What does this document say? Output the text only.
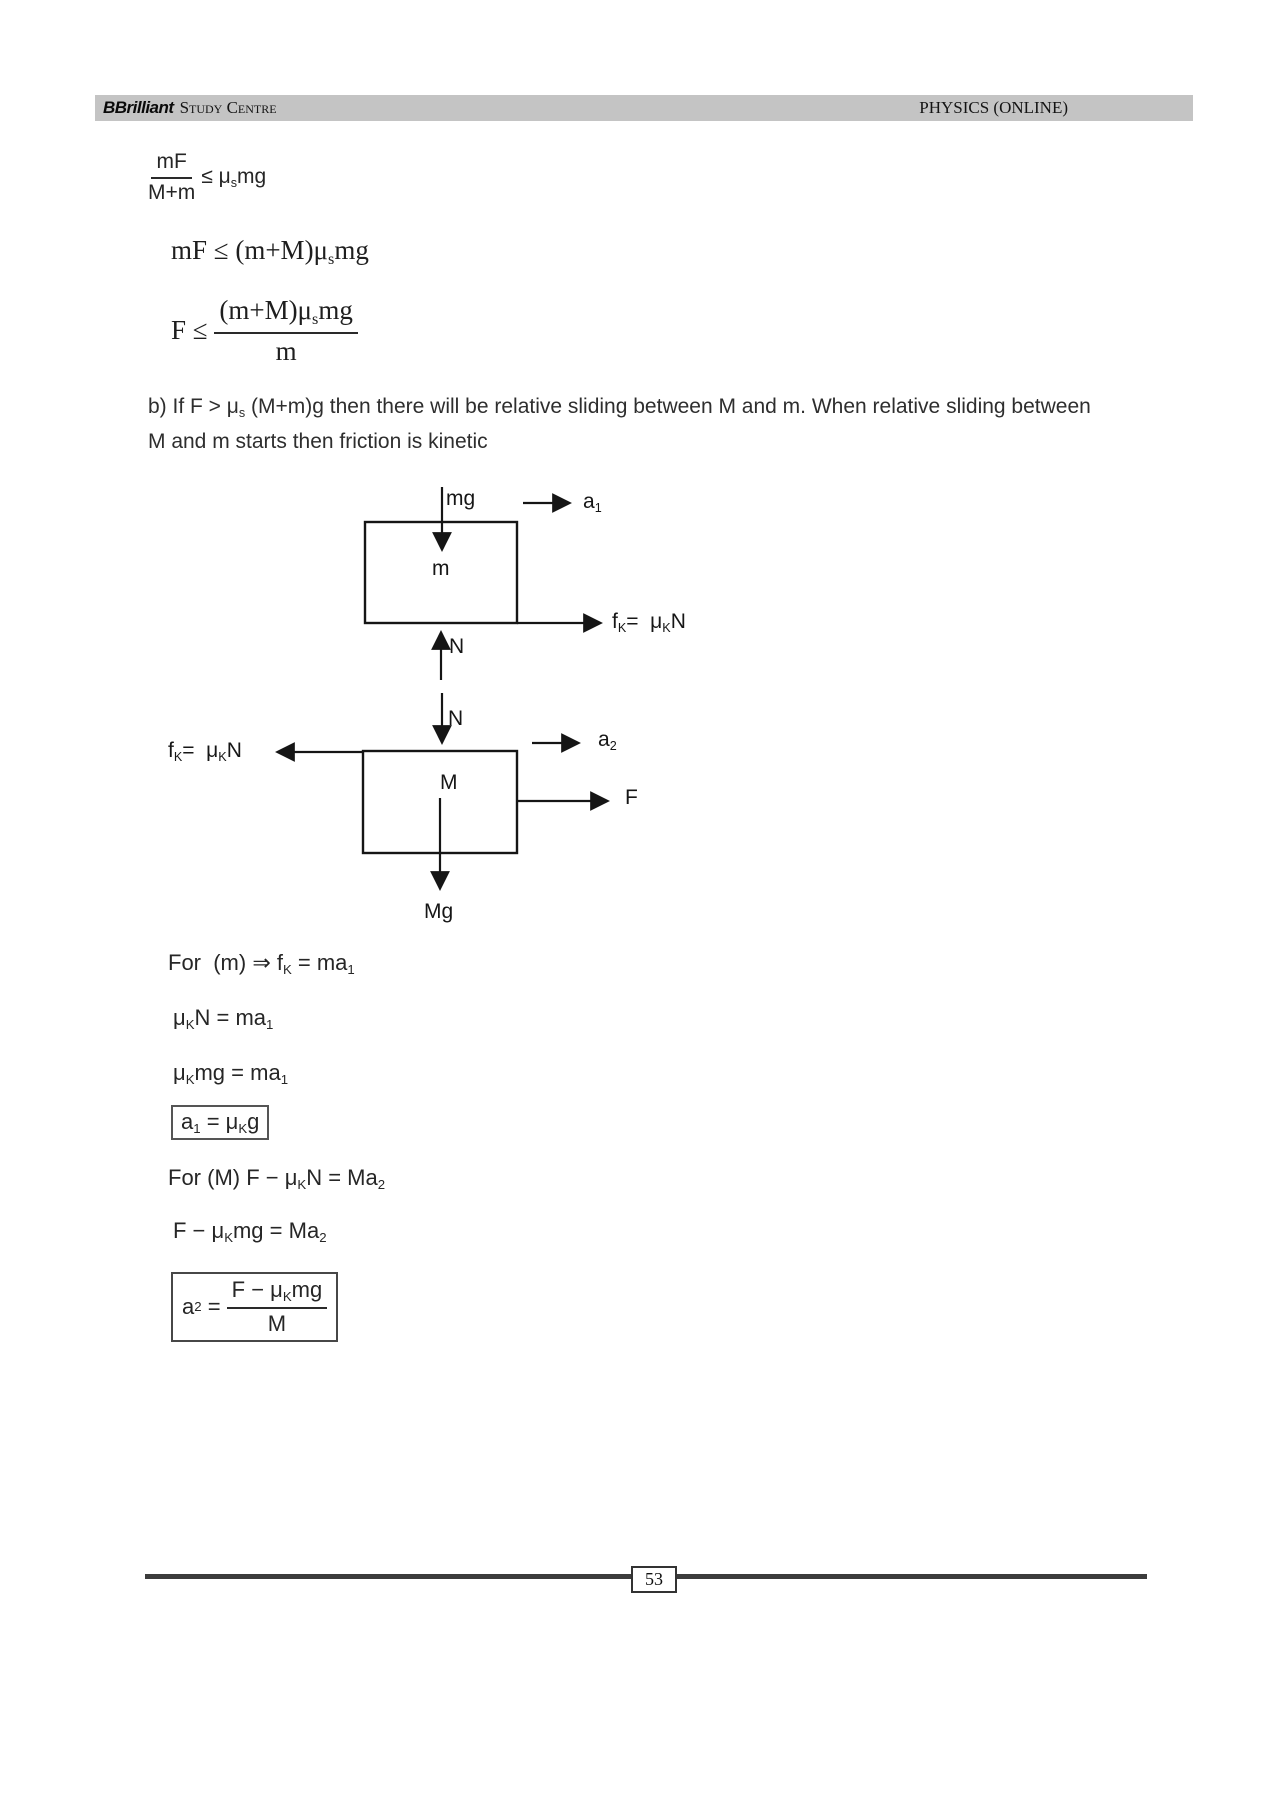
BBrilliant Study Centre	PHYSICS (ONLINE)
$\frac{mF}{M+m} \le \mu smg$
mF ≤ (m+M)μsmg
$F \le \frac{\text{(m+M)μsmg}}{m}$
b) If F > μs (M+m)g then there will be relative sliding between M and m. When relative sliding between
M and m starts then friction is kinetic
mg	a1
m
fK=  μKN
N
N
fK=  μKN	a2
M
F
Mg
For  (m) ⇒ fK = ma1
μKN = ma1
μKmg = ma1
a1 = μKg
For (M) F − μKN = Ma2
F − μKmg = Ma2
a $2 = \frac{\text{F − μKmg}}{M}$
53
